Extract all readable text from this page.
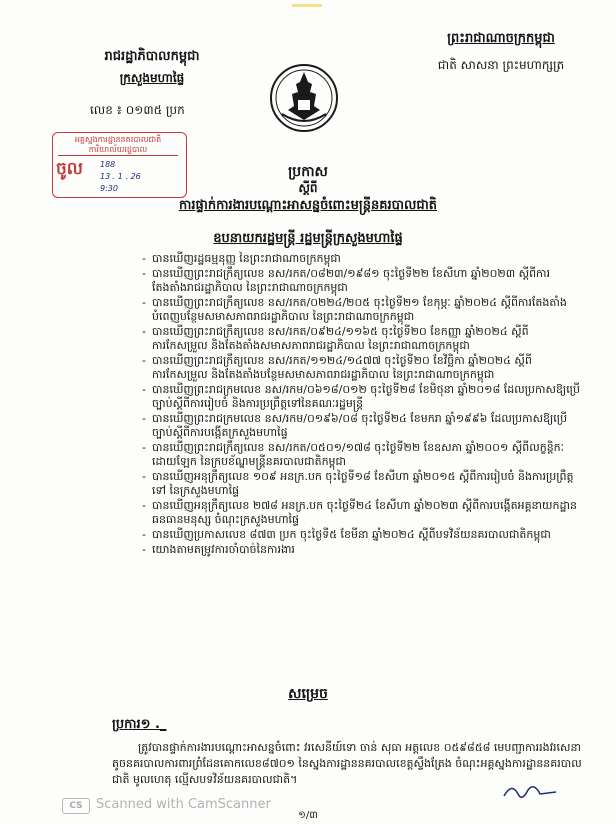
ព្រះរាជាណាចក្រកម្ពុជា
ជាតិ សាសនា ព្រះមហាក្សត្រ
រាជរដ្ឋាភិបាលកម្ពុជា
ក្រសួងមហាផ្ទៃ
លេខ ៖ ០១៣៥ ប្រក
អគ្គស្នងការដ្ឋាននគរបាលជាតិ ការិយាល័យរដ្ឋបាល
ចូល 188
13 . 1 . 26
9:30
ប្រកាស
ស្តីពី
ការផ្ទាក់ការងារបណ្តោះអាសន្នចំពោះមន្ត្រីនគរបាលជាតិ
ឧបនាយករដ្ឋមន្ត្រី រដ្ឋមន្ត្រីក្រសួងមហាផ្ទៃ
- បានឃើញរដ្ឋធម្មនុញ្ញ នៃព្រះរាជាណាចក្រកម្ពុជា
- បានឃើញព្រះរាជក្រឹត្យលេខ នស/រកត/០៨២៣/១៩៨១ ចុះថ្ងៃទី២២ ខែសីហា ឆ្នាំ២០២៣ ស្តីពីការតែងតាំងរាជរដ្ឋាភិបាល នៃព្រះរាជាណាចក្រកម្ពុជា
- បានឃើញព្រះរាជក្រឹត្យលេខ នស/រកត/០២២៤/២០៥ ចុះថ្ងៃទី២១ ខែកុម្ភៈ ឆ្នាំ២០២៤ ស្តីពីការតែងតាំងបំពេញបន្ថែមសមាសភាពរាជរដ្ឋាភិបាល នៃព្រះរាជាណាចក្រកម្ពុជា
- បានឃើញព្រះរាជក្រឹត្យលេខ នស/រកត/០៩២៤/១១៦៥ ចុះថ្ងៃទី២០ ខែកញ្ញា ឆ្នាំ២០២៤ ស្តីពីការកែសម្រួល និងតែងតាំងសមាសភាពរាជរដ្ឋាភិបាល នៃព្រះរាជាណាចក្រកម្ពុជា
- បានឃើញព្រះរាជក្រឹត្យលេខ នស/រកត/១១២៤/១៤៧៧ ចុះថ្ងៃទី២០ ខែវិច្ឆិកា ឆ្នាំ២០២៤ ស្តីពីការកែសម្រួល និងតែងតាំងបន្ថែមសមាសភាពរាជរដ្ឋាភិបាល នៃព្រះរាជាណាចក្រកម្ពុជា
- បានឃើញព្រះរាជក្រមលេខ នស/រកម/០៦១៨/០១២ ចុះថ្ងៃទី២៨ ខែមិថុនា ឆ្នាំ២០១៨ ដែលប្រកាសឱ្យប្រើច្បាប់ស្តីពីការរៀបចំ និងការប្រព្រឹត្តទៅនៃគណៈរដ្ឋមន្ត្រី
- បានឃើញព្រះរាជក្រមលេខ នស/រកម/០១៩៦/០៨ ចុះថ្ងៃទី២៤ ខែមករា ឆ្នាំ១៩៩៦ ដែលប្រកាសឱ្យប្រើច្បាប់ស្តីពីការបង្កើតក្រសួងមហាផ្ទៃ
- បានឃើញព្រះរាជក្រឹត្យលេខ នស/រកត/០៥០១/១៧៨ ចុះថ្ងៃទី២២ ខែឧសភា ឆ្នាំ២០០១ ស្តីពីលក្ខន្តិកៈដោយឡែក នៃក្របខ័ណ្ឌមន្ត្រីនគរបាលជាតិកម្ពុជា
- បានឃើញអនុក្រឹត្យលេខ ១០៩ អនក្រ.បក ចុះថ្ងៃទី១៨ ខែសីហា ឆ្នាំ២០១៥ ស្តីពីការរៀបចំ និងការប្រព្រឹត្តទៅ នៃក្រសួងមហាផ្ទៃ
- បានឃើញអនុក្រឹត្យលេខ ២៧៨ អនក្រ.បក ចុះថ្ងៃទី២៤ ខែសីហា ឆ្នាំ២០២៣ ស្តីពីការបង្កើតអគ្គនាយកដ្ឋានធនធានមនុស្ស ចំណុះក្រសួងមហាផ្ទៃ
- បានឃើញប្រកាសលេខ ៨៧៣ ប្រក ចុះថ្ងៃទី៥ ខែមីនា ឆ្នាំ២០២៤ ស្តីពីបទវិន័យនគរបាលជាតិកម្ពុជា
- យោងតាមតម្រូវការចាំបាច់នៃការងារ
សម្រេច
ប្រការ១ ._

ត្រូវបានផ្ទាក់ការងារបណ្តោះអាសន្នចំពោះ វរសេនីយ៍ទោ ចាន់ សុធា អត្តលេខ ០៥៩៨៥៨ មេបញ្ជាការរងវរសេនាតូចនគរបាលការពារព្រំដែនគោកលេខ៨៧០១ នៃស្នងការដ្ឋាននគរបាលខេត្តស្ទឹងត្រែង ចំណុះអគ្គស្នងការដ្ឋាននគរបាលជាតិ មូលហេតុ ល្មើសបទវិន័យនគរបាលជាតិ។

CS	Scanned with CamScanner
១/៣
